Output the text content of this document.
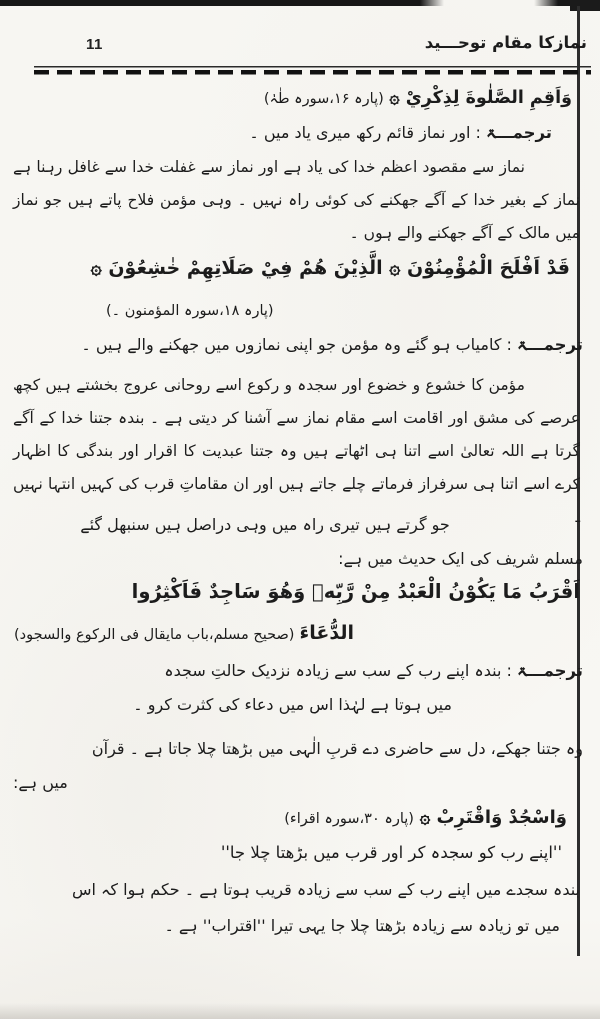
11	نمازکا مقام توحـــید
وَاَقِمِ الصَّلٰوةَ لِذِكْرِيْ ۞ (پارہ ۱۶،سورہ طٰہٰ)
ترجمـــۃ : اور نماز قائم رکھ میری یاد میں ۔
نماز سے مقصود اعظم خدا کی یاد ہے اور نماز سے غفلت خدا سے غافل رہنا ہے نماز کے بغیر خدا کے آگے جھکنے کی کوئی راہ نہیں ۔ وہی مؤمن فلاح پاتے ہیں جو نماز میں مالک کے آگے جھکنے والے ہوں ۔
قَدْ اَفْلَحَ الْمُؤْمِنُوْنَ ۞ الَّذِيْنَ هُمْ فِيْ صَلَاتِهِمْ خٰشِعُوْنَ ۞
(پارہ ۱۸،سورہ المؤمنون ۔)
ترجمـــۃ : کامیاب ہو گئے وہ مؤمن جو اپنی نمازوں میں جھکنے والے ہیں ۔
مؤمن کا خشوع و خضوع اور سجدہ و رکوع اسے روحانی عروج بخشتے ہیں کچھ عرصے کی مشق اور اقامت اسے مقام نماز سے آشنا کر دیتی ہے ۔ بندہ جتنا خدا کے آگے گرتا ہے اللہ تعالیٰ اسے اتنا ہی اٹھاتے ہیں وہ جتنا عبدیت کا اقرار اور بندگی کا اظہار کرے اسے اتنا ہی سرفراز فرماتے چلے جاتے ہیں اور ان مقاماتِ قرب کی کہیں انتہا نہیں ـ
جو گرتے ہیں تیری راہ میں وہی دراصل ہیں سنبھل گئے
مسلم شریف کی ایک حدیث میں ہے:
اَقْرَبُ مَا يَكُوْنُ الْعَبْدُ مِنْ رَّبِّهٖ وَهُوَ سَاجِدٌ فَاَكْثِرُوا
الدُّعَاءَ (صحیح مسلم،باب مایقال فی الرکوع والسجود)
ترجمـــۃ : بندہ اپنے رب کے سب سے زیادہ نزدیک حالتِ سجدہ
میں ہوتا ہے لہٰذا اس میں دعاء کی کثرت کرو ۔
وہ جتنا جھکے، دل سے حاضری دے قربِ الٰہی میں بڑھتا چلا جاتا ہے ۔ قرآن
میں ہے:
وَاسْجُدْ وَاقْتَرِبْ ۞ (پارہ ۳۰،سورہ اقراء)
''اپنے رب کو سجدہ کر اور قرب میں بڑھتا چلا جا''
بندہ سجدے میں اپنے رب کے سب سے زیادہ قریب ہوتا ہے ۔ حکم ہوا کہ اس
میں تو زیادہ سے زیادہ بڑھتا چلا جا یہی تیرا ''اقتراب'' ہے ۔
